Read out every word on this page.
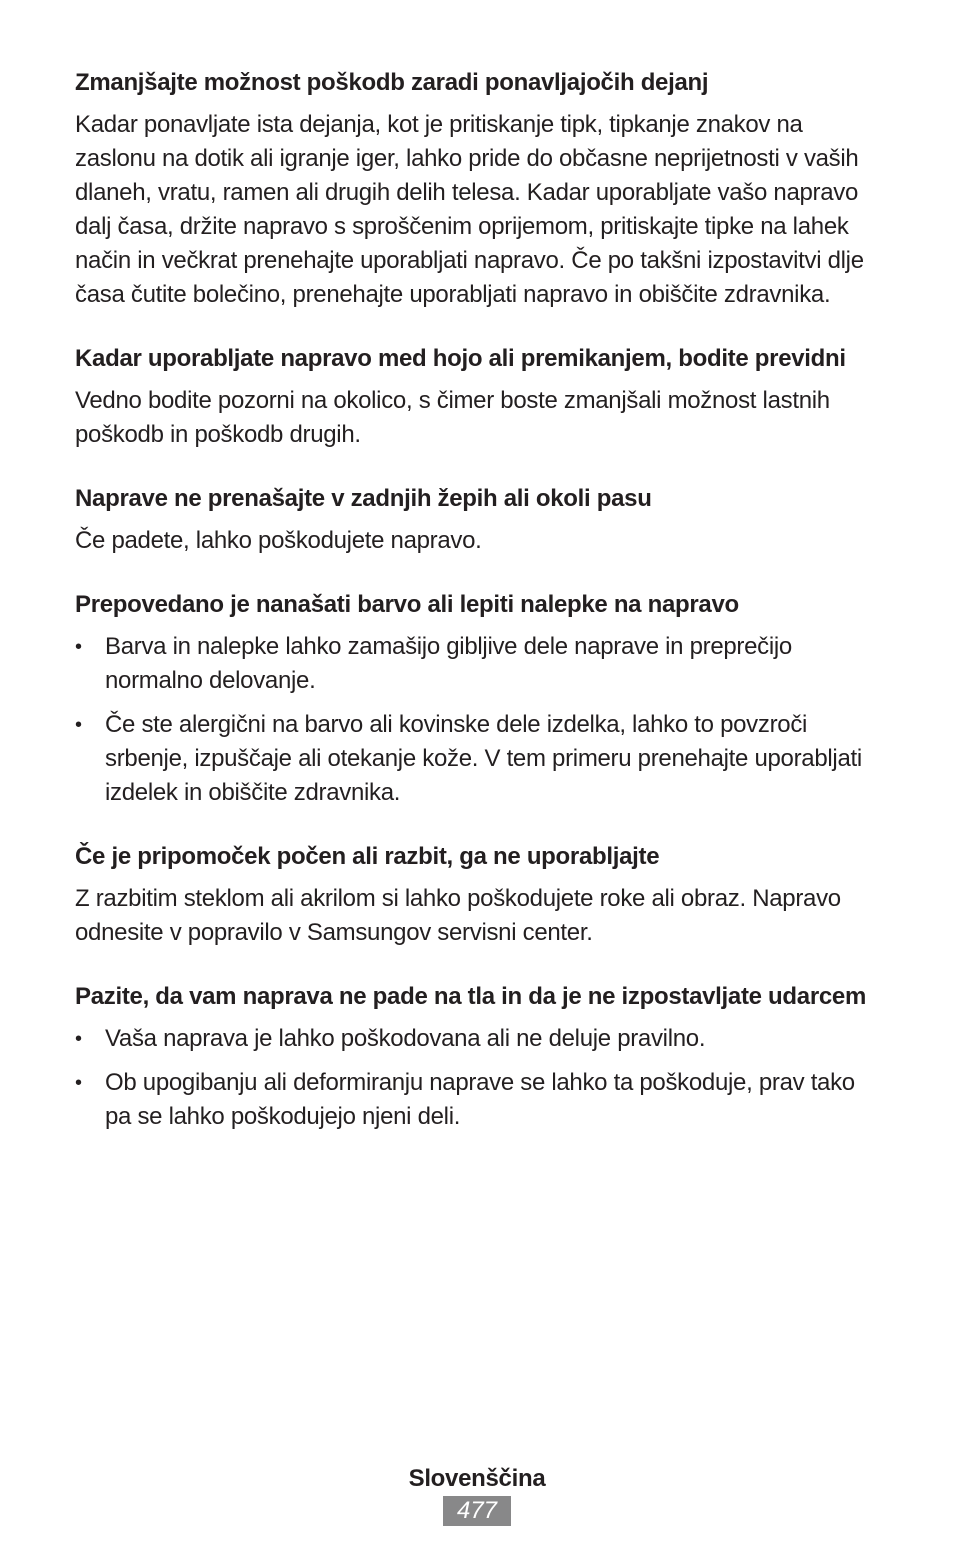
Zmanjšajte možnost poškodb zaradi ponavljajočih dejanj

Kadar ponavljate ista dejanja, kot je pritiskanje tipk, tipkanje znakov na zaslonu na dotik ali igranje iger, lahko pride do občasne neprijetnosti v vaših dlaneh, vratu, ramen ali drugih delih telesa. Kadar uporabljate vašo napravo dalj časa, držite napravo s sproščenim oprijemom, pritiskajte tipke na lahek način in večkrat prenehajte uporabljati napravo. Če po takšni izpostavitvi dlje časa čutite bolečino, prenehajte uporabljati napravo in obiščite zdravnika.

Kadar uporabljate napravo med hojo ali premikanjem, bodite previdni

Vedno bodite pozorni na okolico, s čimer boste zmanjšali možnost lastnih poškodb in poškodb drugih.

Naprave ne prenašajte v zadnjih žepih ali okoli pasu

Če padete, lahko poškodujete napravo.

Prepovedano je nanašati barvo ali lepiti nalepke na napravo
• Barva in nalepke lahko zamašijo gibljive dele naprave in preprečijo normalno delovanje.
• Če ste alergični na barvo ali kovinske dele izdelka, lahko to povzroči srbenje, izpuščaje ali otekanje kože. V tem primeru prenehajte uporabljati izdelek in obiščite zdravnika.
Če je pripomoček počen ali razbit, ga ne uporabljajte

Z razbitim steklom ali akrilom si lahko poškodujete roke ali obraz. Napravo odnesite v popravilo v Samsungov servisni center.

Pazite, da vam naprava ne pade na tla in da je ne izpostavljate udarcem
• Vaša naprava je lahko poškodovana ali ne deluje pravilno.
• Ob upogibanju ali deformiranju naprave se lahko ta poškoduje, prav tako pa se lahko poškodujejo njeni deli.
Slovenščina
477
